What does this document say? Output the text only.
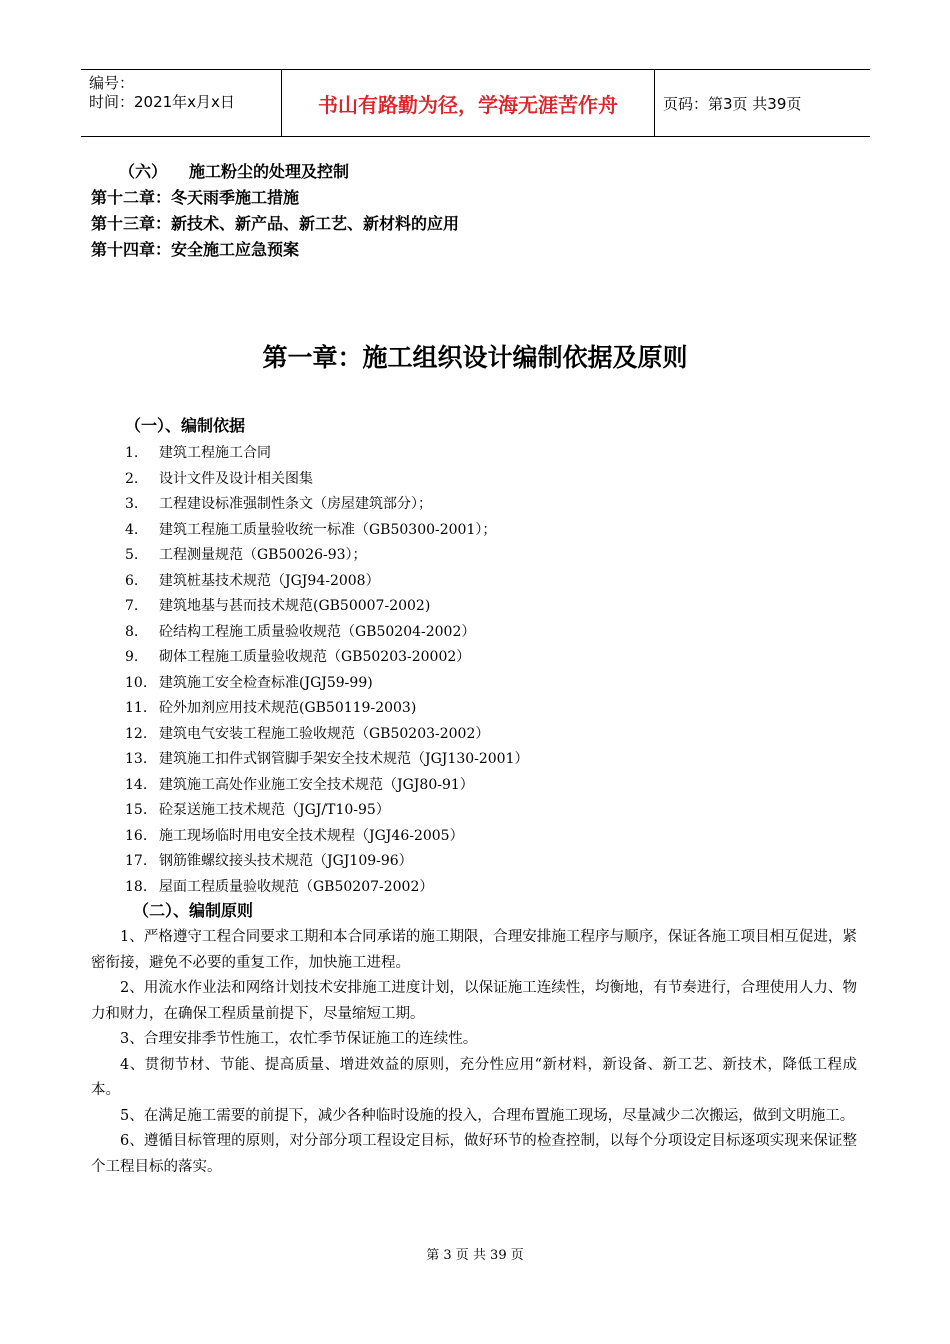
编号：
时间：2021年x月x日	书山有路勤为径，学海无涯苦作舟	页码：第3页 共39页
（六） 施工粉尘的处理及控制
第十二章：冬天雨季施工措施
第十三章：新技术、新产品、新工艺、新材料的应用
第十四章：安全施工应急预案
第一章：施工组织设计编制依据及原则
（一）、编制依据
1. 建筑工程施工合同
2. 设计文件及设计相关图集
3. 工程建设标准强制性条文（房屋建筑部分）；
4. 建筑工程施工质量验收统一标准（GB50300-2001）；
5. 工程测量规范（GB50026-93）；
6. 建筑桩基技术规范（JGJ94-2008）
7. 建筑地基与甚而技术规范(GB50007-2002)
8. 砼结构工程施工质量验收规范（GB50204-2002）
9. 砌体工程施工质量验收规范（GB50203-20002）
10. 建筑施工安全检查标准(JGJ59-99)
11. 砼外加剂应用技术规范(GB50119-2003)
12. 建筑电气安装工程施工验收规范（GB50203-2002）
13. 建筑施工扣件式钢管脚手架安全技术规范（JGJ130-2001）
14. 建筑施工高处作业施工安全技术规范（JGJ80-91）
15. 砼泵送施工技术规范（JGJ/T10-95）
16. 施工现场临时用电安全技术规程（JGJ46-2005）
17. 钢筋锥螺纹接头技术规范（JGJ109-96）
18. 屋面工程质量验收规范（GB50207-2002）
（二）、编制原则

1、严格遵守工程合同要求工期和本合同承诺的施工期限，合理安排施工程序与顺序，保证各施工项目相互促进，紧密衔接，避免不必要的重复工作，加快施工进程。

2、用流水作业法和网络计划技术安排施工进度计划，以保证施工连续性，均衡地，有节奏进行，合理使用人力、物力和财力，在确保工程质量前提下，尽量缩短工期。

3、合理安排季节性施工，农忙季节保证施工的连续性。

4、贯彻节材、节能、提高质量、增进效益的原则，充分性应用“新材料，新设备、新工艺、新技术，降低工程成本。

5、在满足施工需要的前提下，减少各种临时设施的投入，合理布置施工现场，尽量减少二次搬运，做到文明施工。

6、遵循目标管理的原则，对分部分项工程设定目标，做好环节的检查控制，以每个分项设定目标逐项实现来保证整个工程目标的落实。

第 3 页 共 39 页
